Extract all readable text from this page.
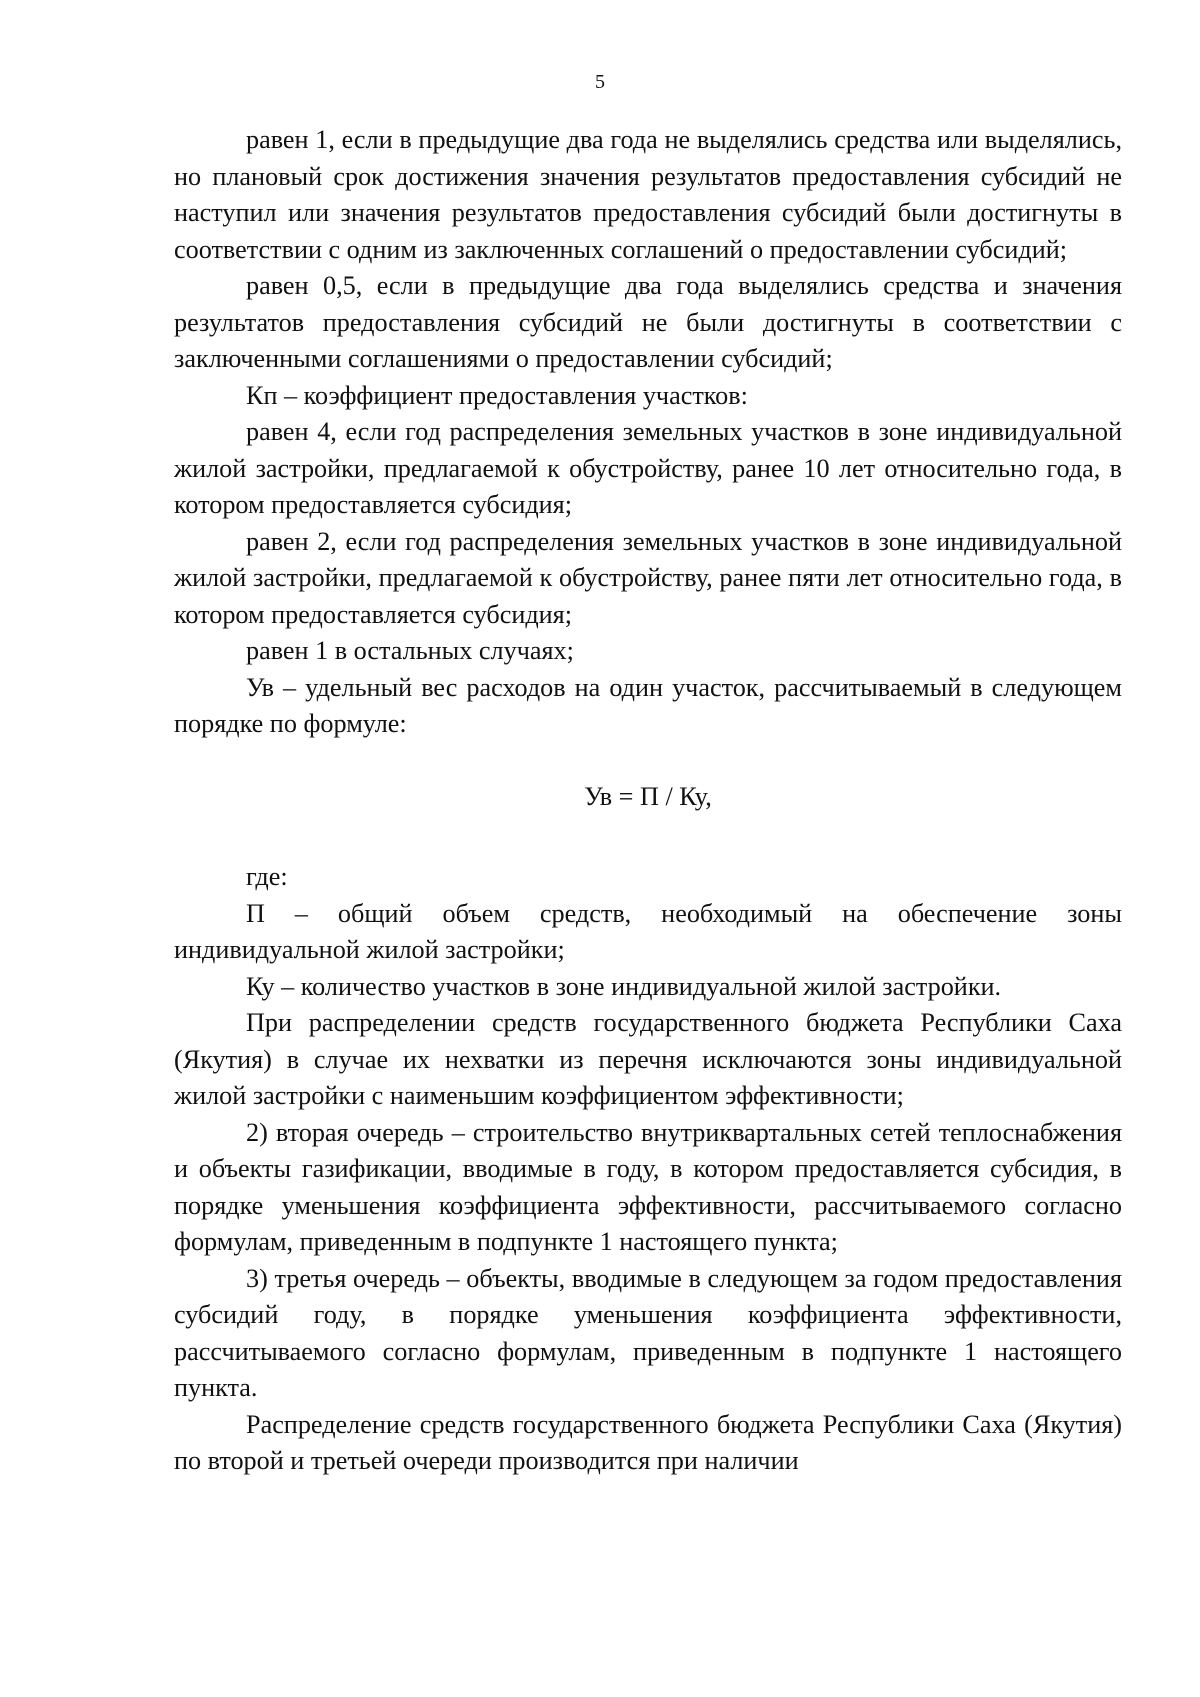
5

равен 1, если в предыдущие два года не выделялись средства или выделялись, но плановый срок достижения значения результатов предоставления субсидий не наступил или значения результатов предоставления субсидий были достигнуты в соответствии с одним из заключенных соглашений о предоставлении субсидий;

равен 0,5, если в предыдущие два года выделялись средства и значения результатов предоставления субсидий не были достигнуты в соответствии с заключенными соглашениями о предоставлении субсидий;

Кп – коэффициент предоставления участков:

равен 4, если год распределения земельных участков в зоне индивидуальной жилой застройки, предлагаемой к обустройству, ранее 10 лет относительно года, в котором предоставляется субсидия;

равен 2, если год распределения земельных участков в зоне индивидуальной жилой застройки, предлагаемой к обустройству, ранее пяти лет относительно года, в котором предоставляется субсидия;

равен 1 в остальных случаях;

Ув – удельный вес расходов на один участок, рассчитываемый в следующем порядке по формуле:

Ув = П / Ку,

где:

П – общий объем средств, необходимый на обеспечение зоны индивидуальной жилой застройки;

Ку – количество участков в зоне индивидуальной жилой застройки.

При распределении средств государственного бюджета Республики Саха (Якутия) в случае их нехватки из перечня исключаются зоны индивидуальной жилой застройки с наименьшим коэффициентом эффективности;

2) вторая очередь – строительство внутриквартальных сетей теплоснабжения и объекты газификации, вводимые в году, в котором предоставляется субсидия, в порядке уменьшения коэффициента эффективности, рассчитываемого согласно формулам, приведенным в подпункте 1 настоящего пункта;

3) третья очередь – объекты, вводимые в следующем за годом предоставления субсидий году, в порядке уменьшения коэффициента эффективности, рассчитываемого согласно формулам, приведенным в подпункте 1 настоящего пункта.

Распределение средств государственного бюджета Республики Саха (Якутия) по второй и третьей очереди производится при наличии
